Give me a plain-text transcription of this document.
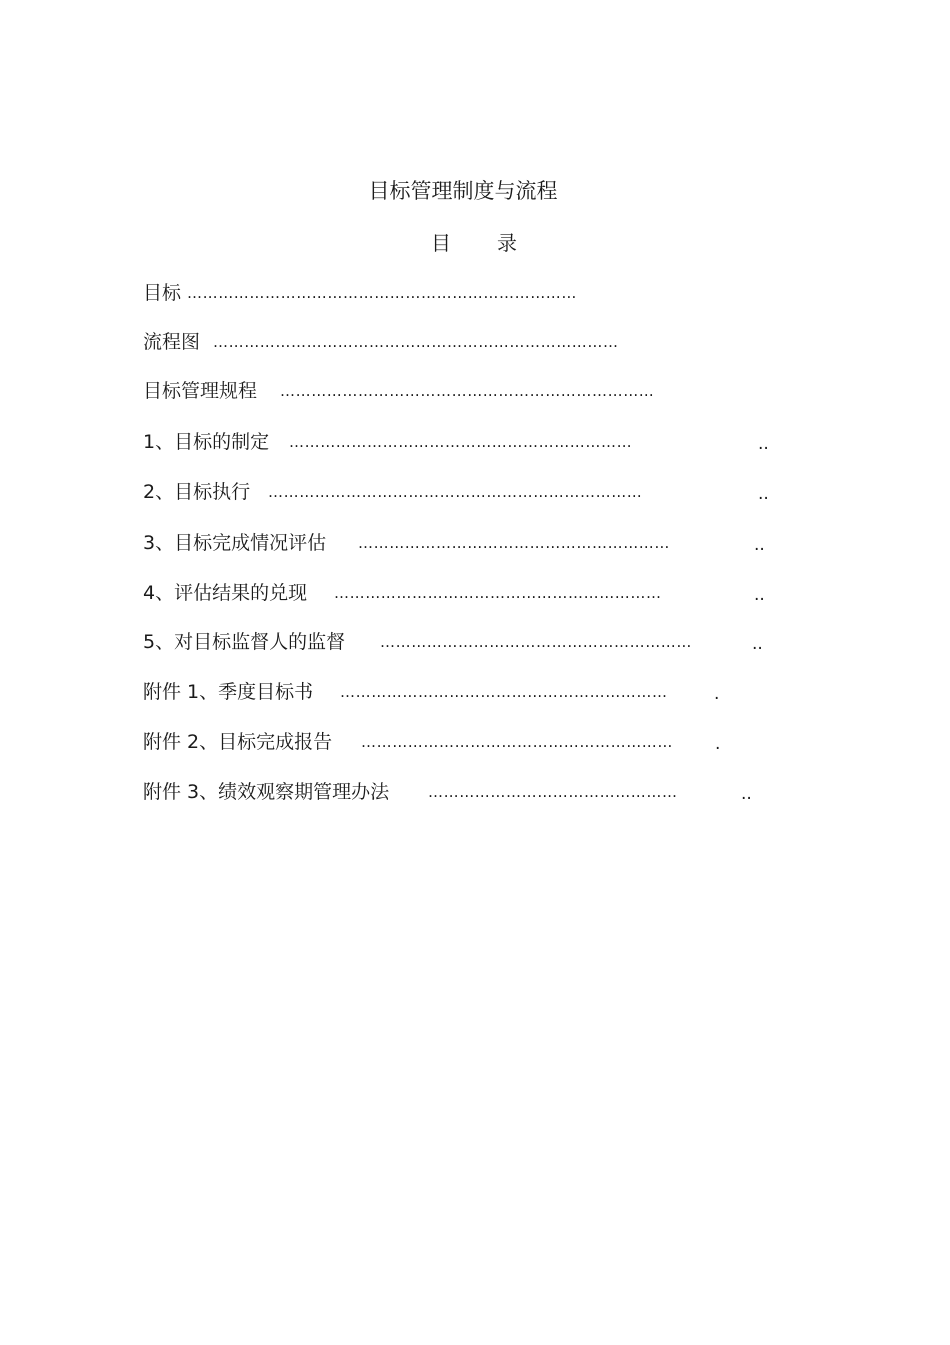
目标管理制度与流程
目 录
目标 …………………………………………………………………
流程图 ……………………………………………………………………
目标管理规程 ………………………………………………………………
1、目标的制定 …………………………………………………………	..
2、目标执行 ………………………………………………………………	..
3、目标完成情况评估 ……………………………………………………	..
4、评估结果的兑现 ………………………………………………………	..
5、对目标监督人的监督 ……………………………………………………	..
附件 1、季度目标书 ………………………………………………………	.
附件 2、目标完成报告 ……………………………………………………	.
附件 3、绩效观察期管理办法	…………………………………………	..
